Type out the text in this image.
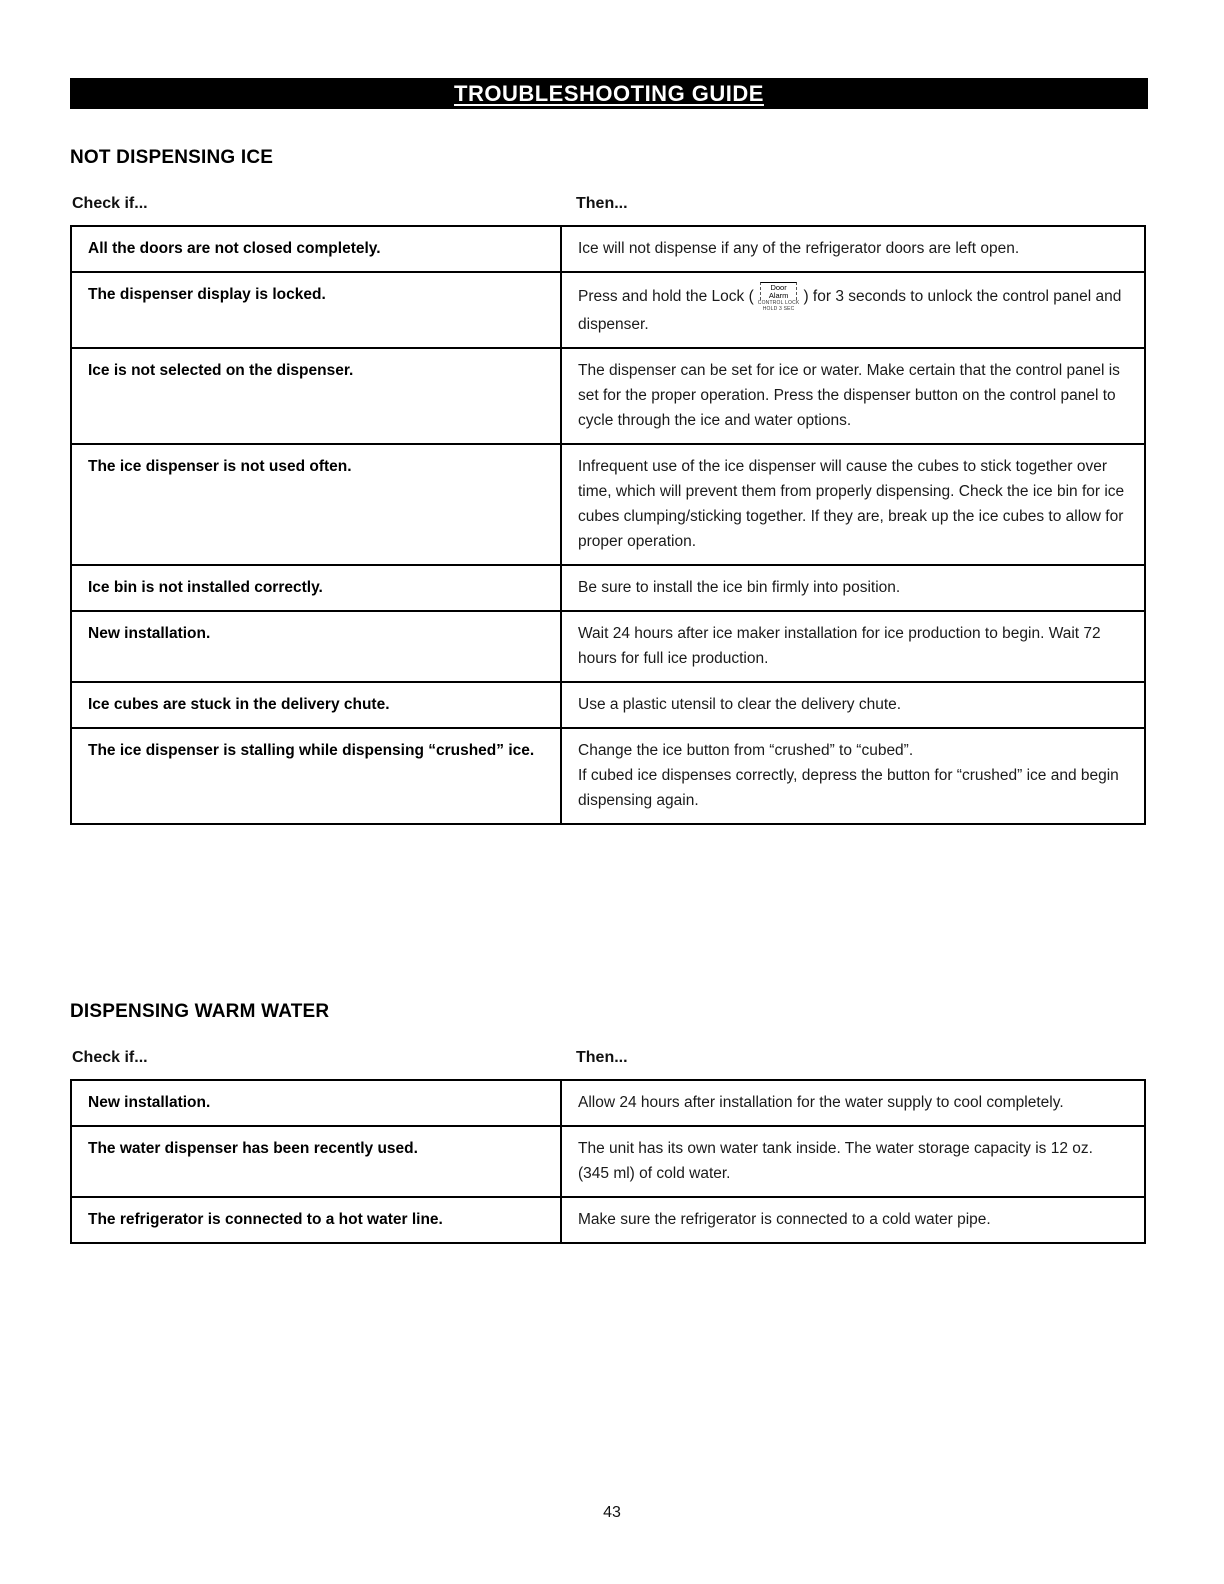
TROUBLESHOOTING GUIDE
NOT DISPENSING ICE
Check if...	Then...
All the doors are not closed completely.	Ice will not dispense if any of the refrigerator doors are left open.
The dispenser display is locked.	Press and hold the Lock (
Door
Alarm
CONTROL LOCK
HOLD 3 SEC
) for 3 seconds to unlock the control panel and dispenser.
Ice is not selected on the dispenser.	The dispenser can be set for ice or water. Make certain that the control panel is set for the proper operation. Press the dispenser button on the control panel to cycle through the ice and water options.
The ice dispenser is not used often.	Infrequent use of the ice dispenser will cause the cubes to stick together over time, which will prevent them from properly dispensing. Check the ice bin for ice cubes clumping/sticking together. If they are, break up the ice cubes to allow for proper operation.
Ice bin is not installed correctly.	Be sure to install the ice bin firmly into position.
New installation.	Wait 24 hours after ice maker installation for ice production to begin. Wait 72 hours for full ice production.
Ice cubes are stuck in the delivery chute.	Use a plastic utensil to clear the delivery chute.
The ice dispenser is stalling while dispensing “crushed” ice.	Change the ice button from “crushed” to “cubed”.
If cubed ice dispenses correctly, depress the button for “crushed” ice and begin dispensing again.
DISPENSING WARM WATER
Check if...	Then...
New installation.	Allow 24 hours after installation for the water supply to cool completely.
The water dispenser has been recently used.	The unit has its own water tank inside. The water storage capacity is 12 oz. (345 ml) of cold water.
The refrigerator is connected to a hot water line.	Make sure the refrigerator is connected to a cold water pipe.
43
